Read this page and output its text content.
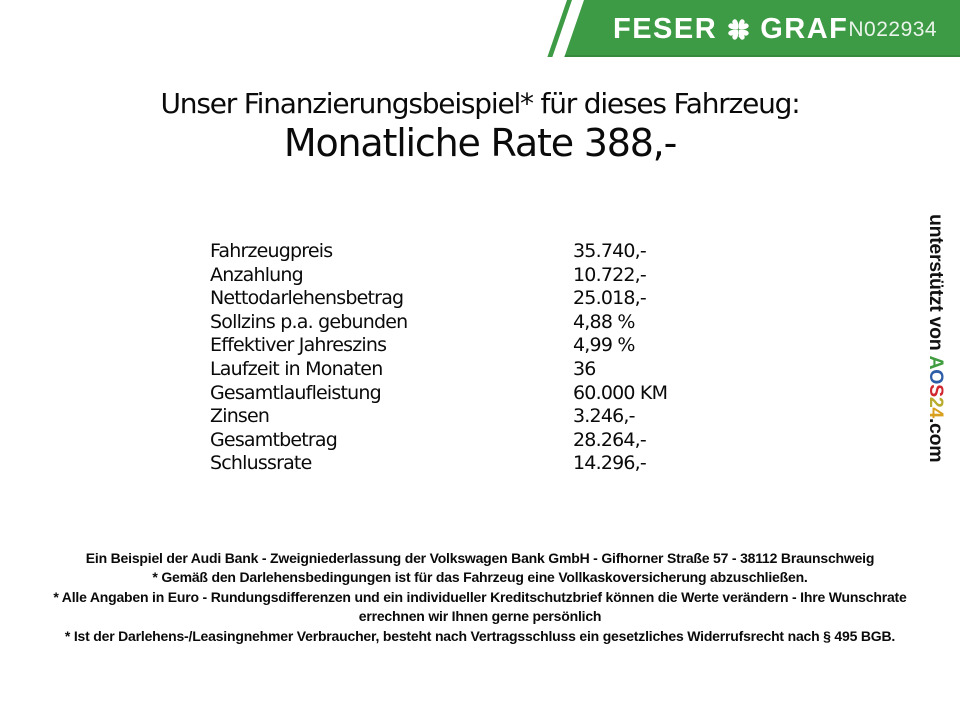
FESER GRAF N022934
Unser Finanzierungsbeispiel* für dieses Fahrzeug:
Monatliche Rate 388,-
Fahrzeugpreis	35.740,-
Anzahlung	10.722,-
Nettodarlehensbetrag	25.018,-
Sollzins p.a. gebunden	4,88 %
Effektiver Jahreszins	4,99 %
Laufzeit in Monaten	36
Gesamtlaufleistung	60.000 KM
Zinsen	3.246,-
Gesamtbetrag	28.264,-
Schlussrate	14.296,-
unterstützt von AOS24.com

Ein Beispiel der Audi Bank - Zweigniederlassung der Volkswagen Bank GmbH - Gifhorner Straße 57 - 38112 Braunschweig

* Gemäß den Darlehensbedingungen ist für das Fahrzeug eine Vollkaskoversicherung abzuschließen.

* Alle Angaben in Euro - Rundungsdifferenzen und ein individueller Kreditschutzbrief können die Werte verändern - Ihre Wunschrate errechnen wir Ihnen gerne persönlich

* Ist der Darlehens-/Leasingnehmer Verbraucher, besteht nach Vertragsschluss ein gesetzliches Widerrufsrecht nach § 495 BGB.
